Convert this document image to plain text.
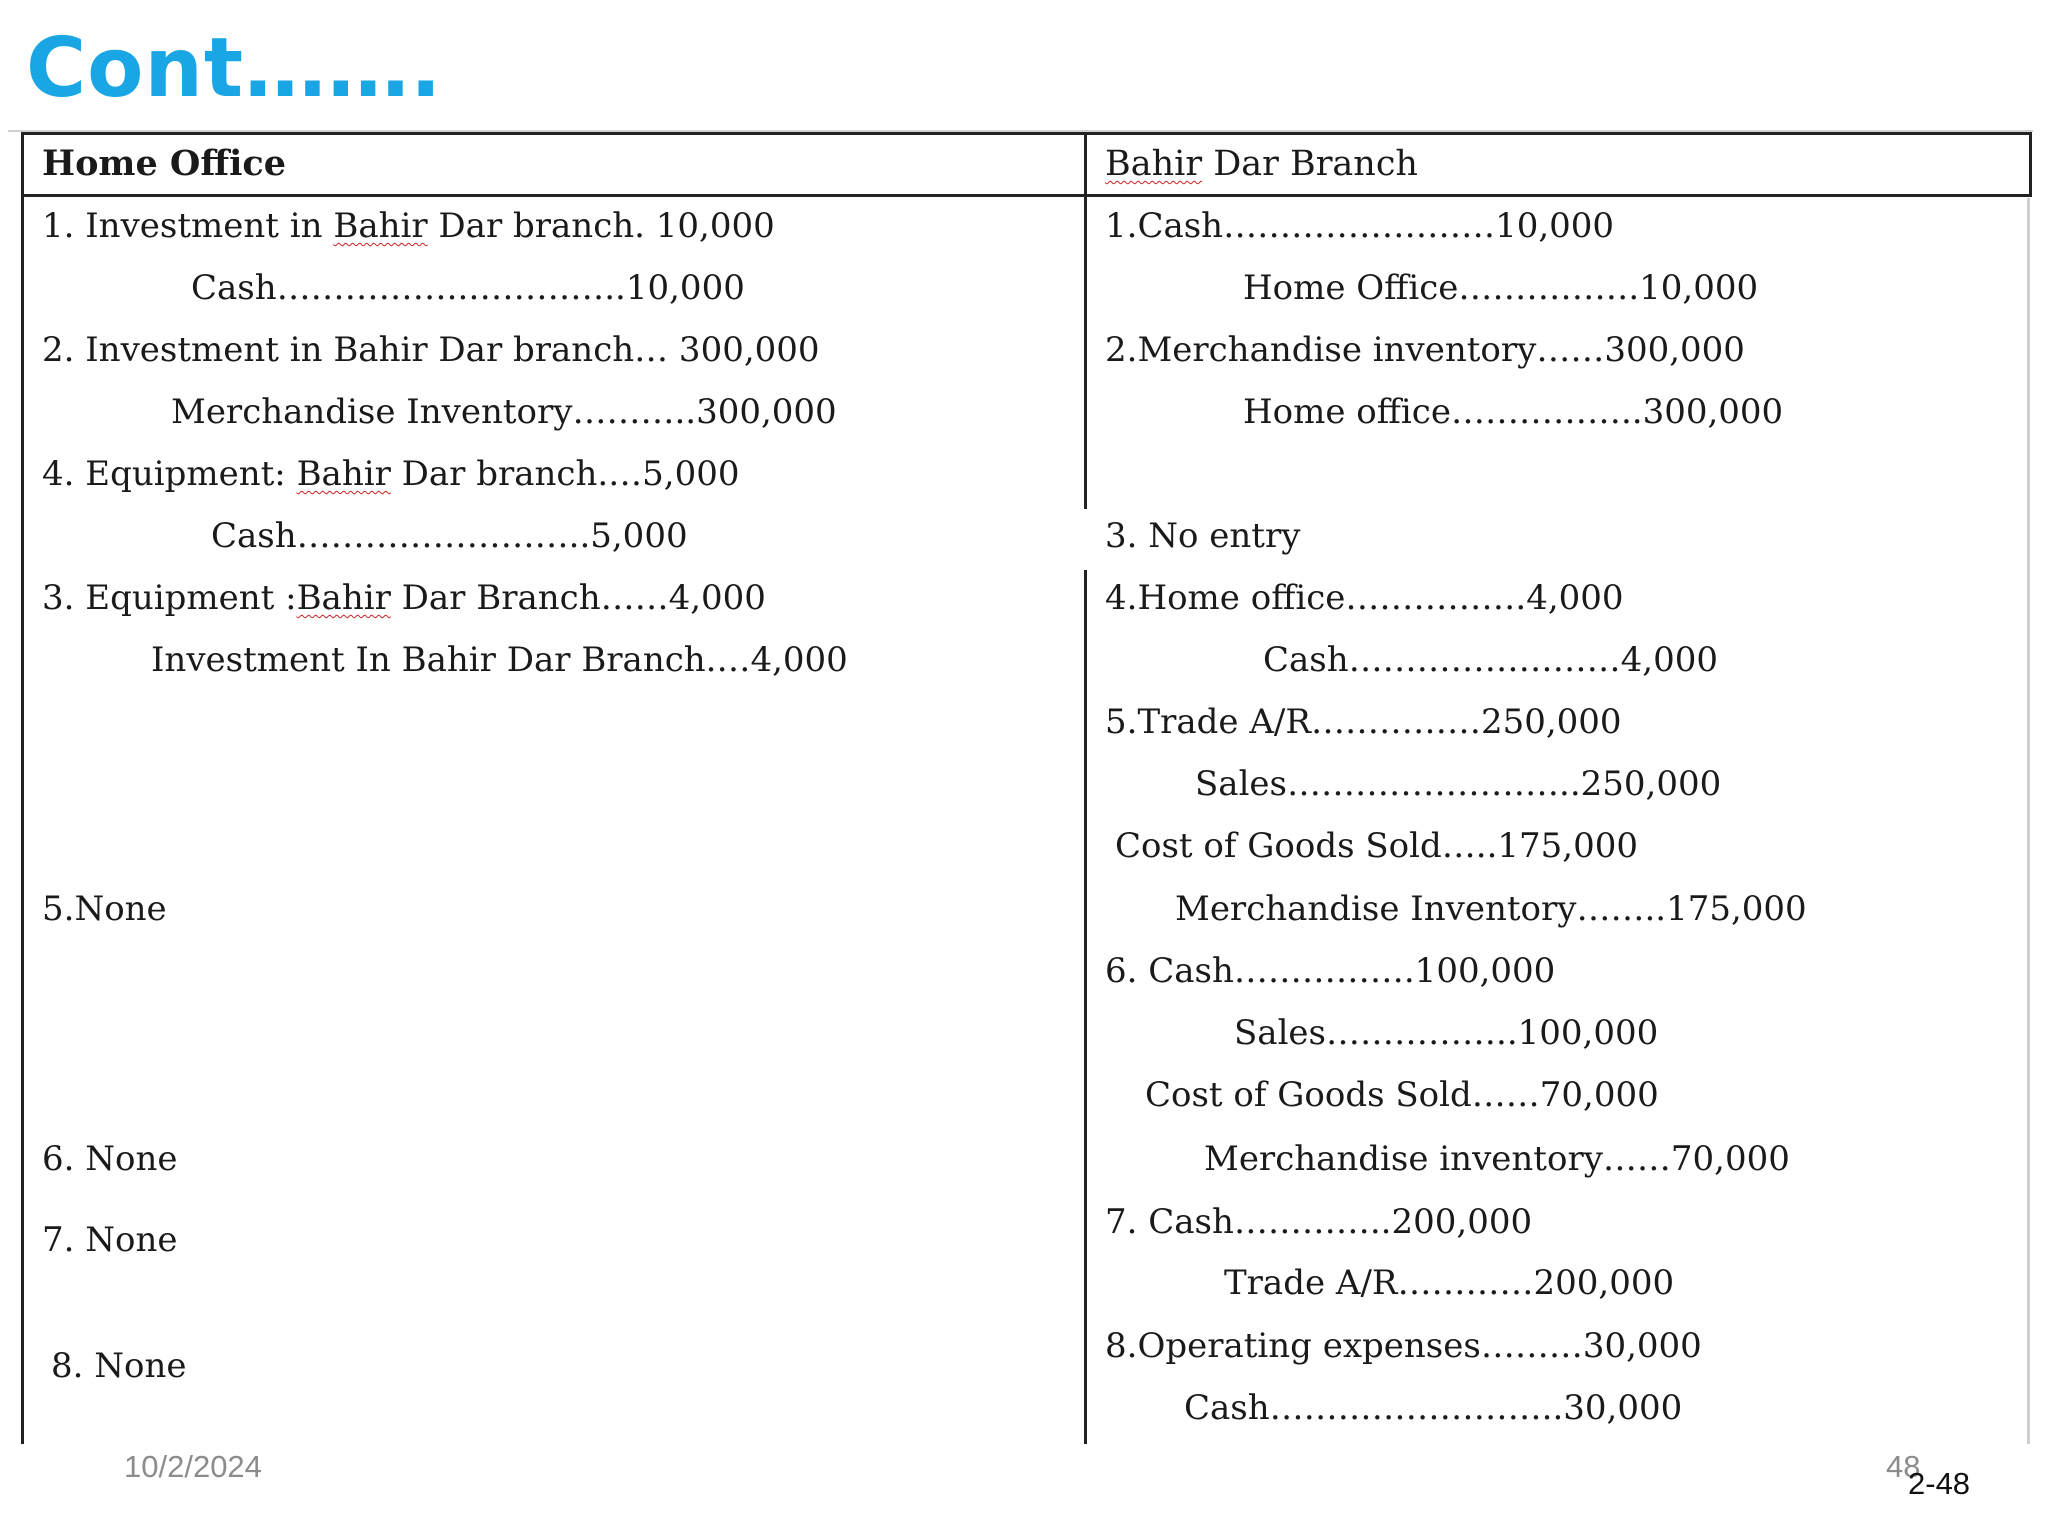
Cont…….
Home Office	Bahir Dar Branch
1. Investment in Bahir Dar branch. 10,000
Cash……………..…………..10,000
2. Investment in Bahir Dar branch… 300,000
Merchandise Inventory………..300,000
4. Equipment: Bahir Dar branch.…5,000
Cash……………………..5,000
3. Equipment :Bahir Dar Branch……4,000
Investment In Bahir Dar Branch.…4,000
5.None
6. None
7. None
8. None
1.Cash……………………10,000
Home Office…………….10,000
2.Merchandise inventory……300,000
Home office……………..300,000
3. No entry
4.Home office…………….4,000
Cash……………………4,000
5.Trade A/R……………250,000
Sales……………………..250,000
Cost of Goods Sold…..175,000
Merchandise Inventory……..175,000
6. Cash…………….100,000
Sales……………..100,000
Cost of Goods Sold……70,000
Merchandise inventory……70,000
7. Cash…………..200,000
Trade A/R…………200,000
8.Operating expenses………30,000
Cash……………………..30,000
10/2/2024	48
2-48
